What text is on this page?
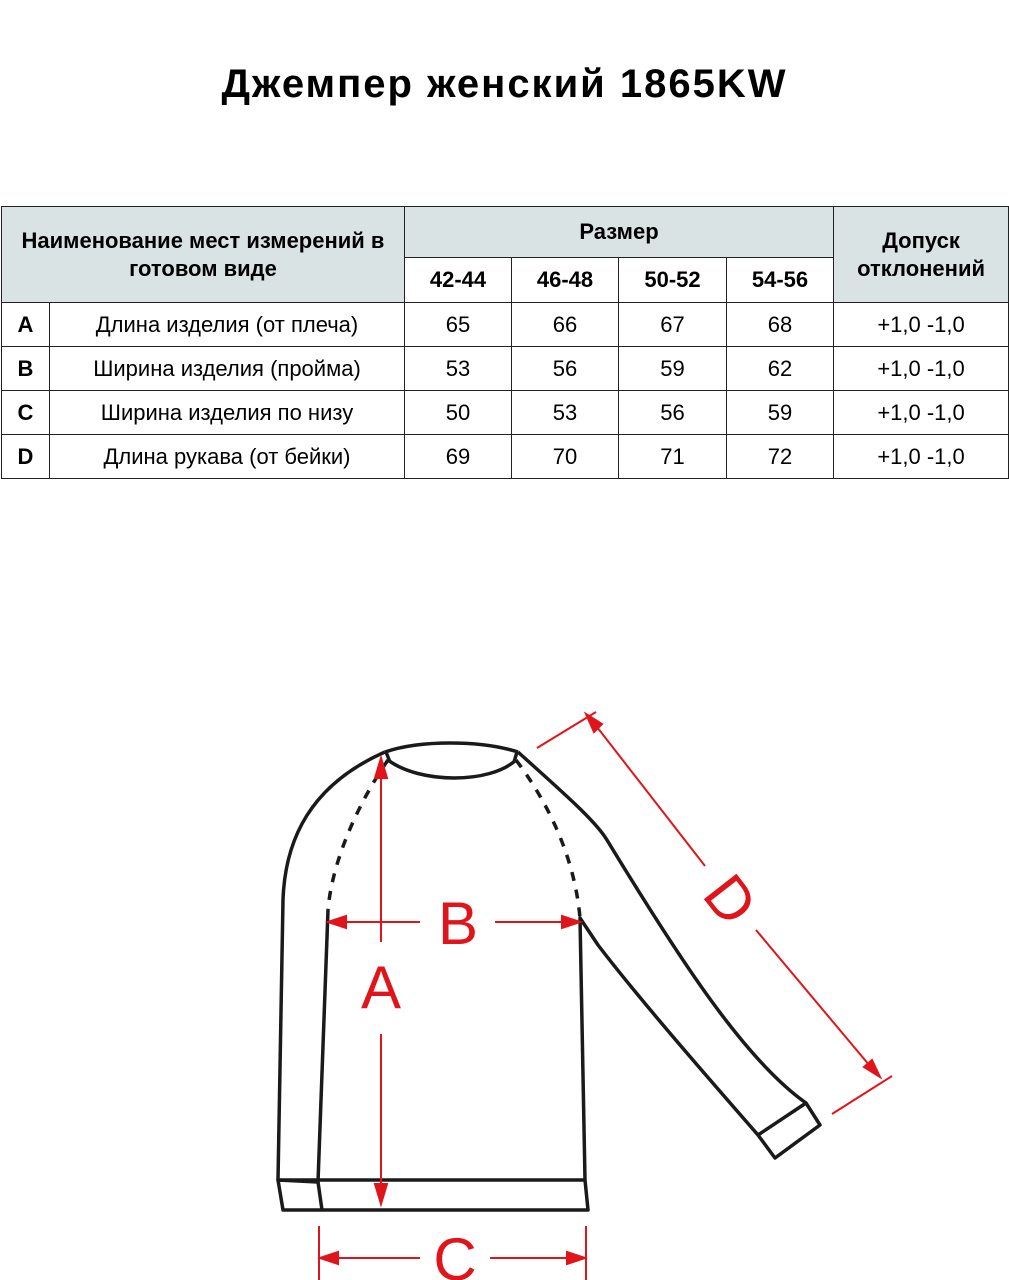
Джемпер женский 1865KW
Наименование мест измерений в готовом виде		Размер				Допуск отклонений
		42-44	46-48	50-52	54-56	
A	Длина изделия (от плеча)	65	66	67	68	+1,0 -1,0
B	Ширина изделия (пройма)	53	56	59	62	+1,0 -1,0
C	Ширина изделия по низу	50	53	56	59	+1,0 -1,0
D	Длина рукава (от бейки)	69	70	71	72	+1,0 -1,0
A
B
C
D
